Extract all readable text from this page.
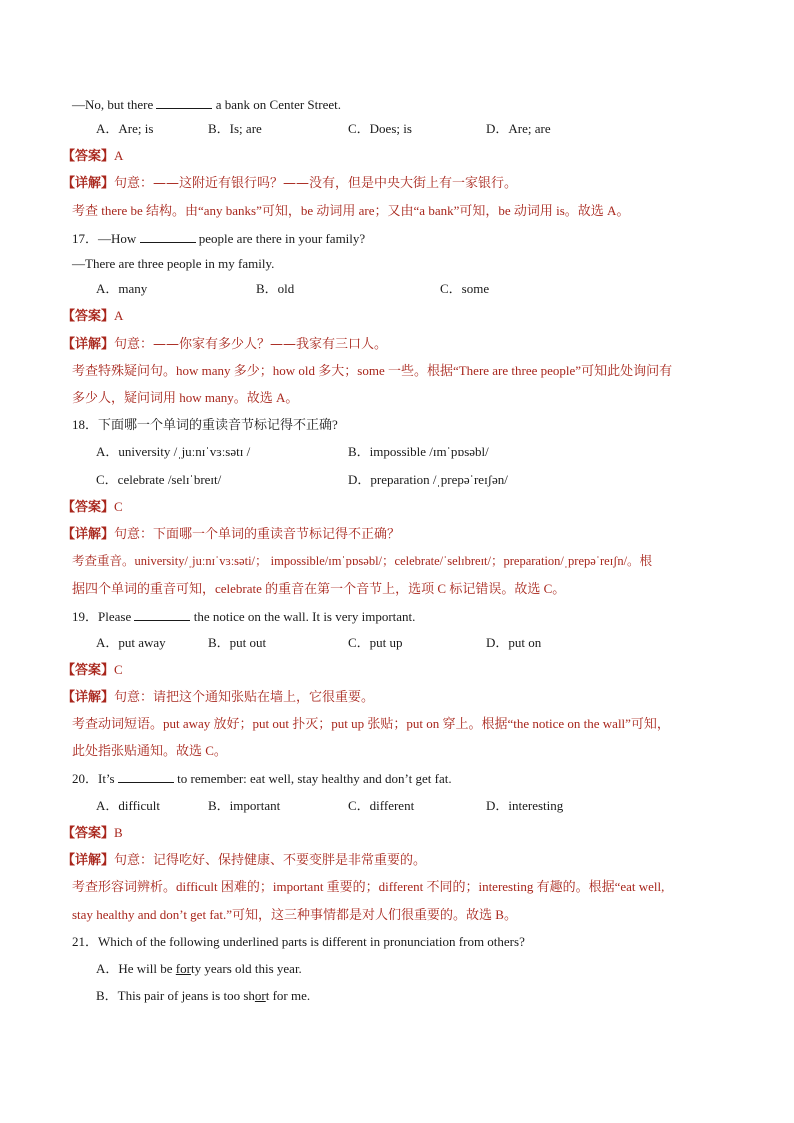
—No, but there	a bank on Center Street.
A．Are; is	B．Is; are	C．Does; is	D．Are; are
【答案】A
【详解】句意：——这附近有银行吗？——没有，但是中央大街上有一家银行。
考查 there be 结构。由“any banks”可知，be 动词用 are；又由“a bank”可知，be 动词用 is。故选 A。
17．—How	people are there in your family?
—There are three people in my family.
A．many	B．old	C．some
【答案】A
【详解】句意：——你家有多少人？——我家有三口人。
考查特殊疑问句。how many 多少；how old 多大；some 一些。根据“There are three people”可知此处询问有
多少人，疑问词用 how many。故选 A。
18．下面哪一个单词的重读音节标记得不正确?
A．university /ˌjuːnɪˈvɜːsətɪ /	B．impossible /ɪmˈpɒsəbl/
C．celebrate /selɪˈbreɪt/	D．preparation /ˌprepəˈreɪʃən/
【答案】C
【详解】句意：下面哪一个单词的重读音节标记得不正确？
考查重音。university/ˌjuːnɪˈvɜːsəti/； impossible/ɪmˈpɒsəbl/；celebrate/ˈselɪbreɪt/；preparation/ˌprepəˈreɪʃn/。根
据四个单词的重音可知，celebrate 的重音在第一个音节上，选项 C 标记错误。故选 C。
19．Please	the notice on the wall. It is very important.
A．put away	B．put out	C．put up	D．put on
【答案】C
【详解】句意：请把这个通知张贴在墙上，它很重要。
考查动词短语。put away 放好；put out 扑灭；put up 张贴；put on 穿上。根据“the notice on the wall”可知，
此处指张贴通知。故选 C。
20．It’s	to remember: eat well, stay healthy and don’t get fat.
A．difficult	B．important	C．different	D．interesting
【答案】B
【详解】句意：记得吃好、保持健康、不要变胖是非常重要的。
考查形容词辨析。difficult 困难的；important 重要的；different 不同的；interesting 有趣的。根据“eat well,
stay healthy and don’t get fat.”可知，这三种事情都是对人们很重要的。故选 B。
21．Which of the following underlined parts is different in pronunciation from others?
A．He will be forty years old this year.
B．This pair of jeans is too short for me.
